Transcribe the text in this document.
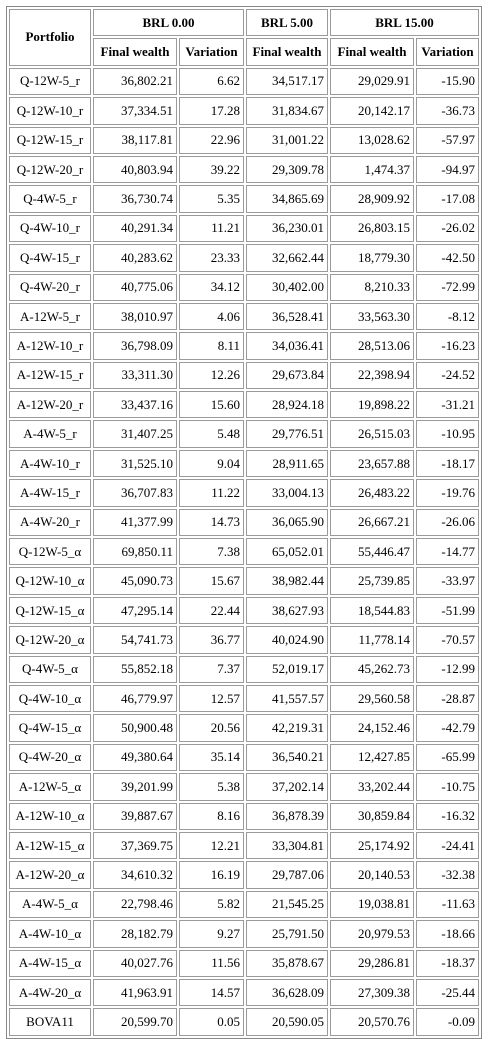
Portfolio	BRL 0.00		BRL 5.00	BRL 15.00	
	Final wealth	Variation	Final wealth	Final wealth	Variation
Q-12W-5_r	36,802.21	6.62	34,517.17	29,029.91	-15.90
Q-12W-10_r	37,334.51	17.28	31,834.67	20,142.17	-36.73
Q-12W-15_r	38,117.81	22.96	31,001.22	13,028.62	-57.97
Q-12W-20_r	40,803.94	39.22	29,309.78	1,474.37	-94.97
Q-4W-5_r	36,730.74	5.35	34,865.69	28,909.92	-17.08
Q-4W-10_r	40,291.34	11.21	36,230.01	26,803.15	-26.02
Q-4W-15_r	40,283.62	23.33	32,662.44	18,779.30	-42.50
Q-4W-20_r	40,775.06	34.12	30,402.00	8,210.33	-72.99
A-12W-5_r	38,010.97	4.06	36,528.41	33,563.30	-8.12
A-12W-10_r	36,798.09	8.11	34,036.41	28,513.06	-16.23
A-12W-15_r	33,311.30	12.26	29,673.84	22,398.94	-24.52
A-12W-20_r	33,437.16	15.60	28,924.18	19,898.22	-31.21
A-4W-5_r	31,407.25	5.48	29,776.51	26,515.03	-10.95
A-4W-10_r	31,525.10	9.04	28,911.65	23,657.88	-18.17
A-4W-15_r	36,707.83	11.22	33,004.13	26,483.22	-19.76
A-4W-20_r	41,377.99	14.73	36,065.90	26,667.21	-26.06
Q-12W-5_α	69,850.11	7.38	65,052.01	55,446.47	-14.77
Q-12W-10_α	45,090.73	15.67	38,982.44	25,739.85	-33.97
Q-12W-15_α	47,295.14	22.44	38,627.93	18,544.83	-51.99
Q-12W-20_α	54,741.73	36.77	40,024.90	11,778.14	-70.57
Q-4W-5_α	55,852.18	7.37	52,019.17	45,262.73	-12.99
Q-4W-10_α	46,779.97	12.57	41,557.57	29,560.58	-28.87
Q-4W-15_α	50,900.48	20.56	42,219.31	24,152.46	-42.79
Q-4W-20_α	49,380.64	35.14	36,540.21	12,427.85	-65.99
A-12W-5_α	39,201.99	5.38	37,202.14	33,202.44	-10.75
A-12W-10_α	39,887.67	8.16	36,878.39	30,859.84	-16.32
A-12W-15_α	37,369.75	12.21	33,304.81	25,174.92	-24.41
A-12W-20_α	34,610.32	16.19	29,787.06	20,140.53	-32.38
A-4W-5_α	22,798.46	5.82	21,545.25	19,038.81	-11.63
A-4W-10_α	28,182.79	9.27	25,791.50	20,979.53	-18.66
A-4W-15_α	40,027.76	11.56	35,878.67	29,286.81	-18.37
A-4W-20_α	41,963.91	14.57	36,628.09	27,309.38	-25.44
BOVA11	20,599.70	0.05	20,590.05	20,570.76	-0.09
